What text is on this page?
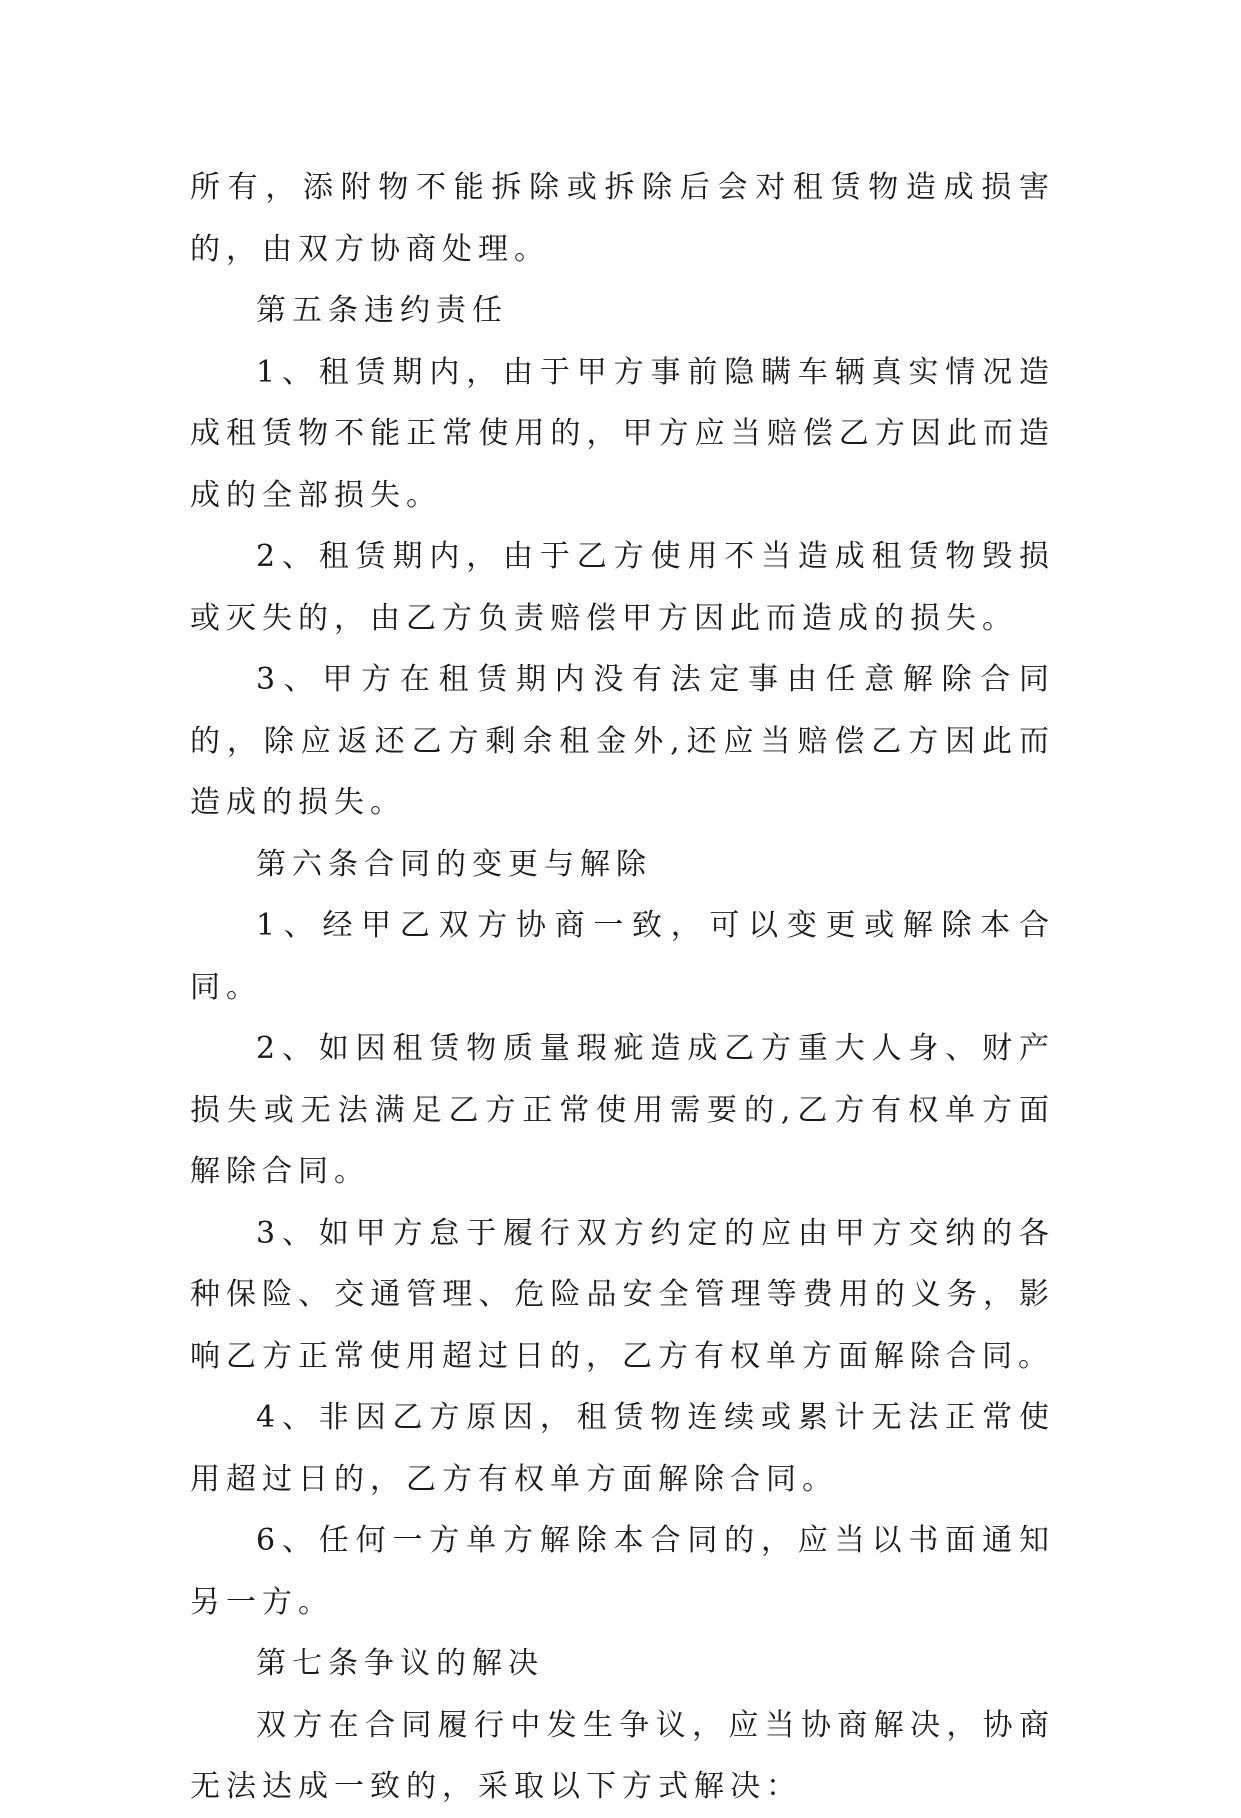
所有，添附物不能拆除或拆除后会对租赁物造成损害的，由双方协商处理。

第五条违约责任

1、租赁期内，由于甲方事前隐瞒车辆真实情况造成租赁物不能正常使用的，甲方应当赔偿乙方因此而造成的全部损失。

2、租赁期内，由于乙方使用不当造成租赁物毁损或灭失的，由乙方负责赔偿甲方因此而造成的损失。

3、甲方在租赁期内没有法定事由任意解除合同的，除应返还乙方剩余租金外,还应当赔偿乙方因此而造成的损失。

第六条合同的变更与解除

1、经甲乙双方协商一致，可以变更或解除本合同。

2、如因租赁物质量瑕疵造成乙方重大人身、财产损失或无法满足乙方正常使用需要的,乙方有权单方面解除合同。

3、如甲方怠于履行双方约定的应由甲方交纳的各种保险、交通管理、危险品安全管理等费用的义务，影响乙方正常使用超过日的，乙方有权单方面解除合同。

4、非因乙方原因，租赁物连续或累计无法正常使用超过日的，乙方有权单方面解除合同。

6、任何一方单方解除本合同的，应当以书面通知另一方。

第七条争议的解决

双方在合同履行中发生争议，应当协商解决，协商无法达成一致的，采取以下方式解决：
